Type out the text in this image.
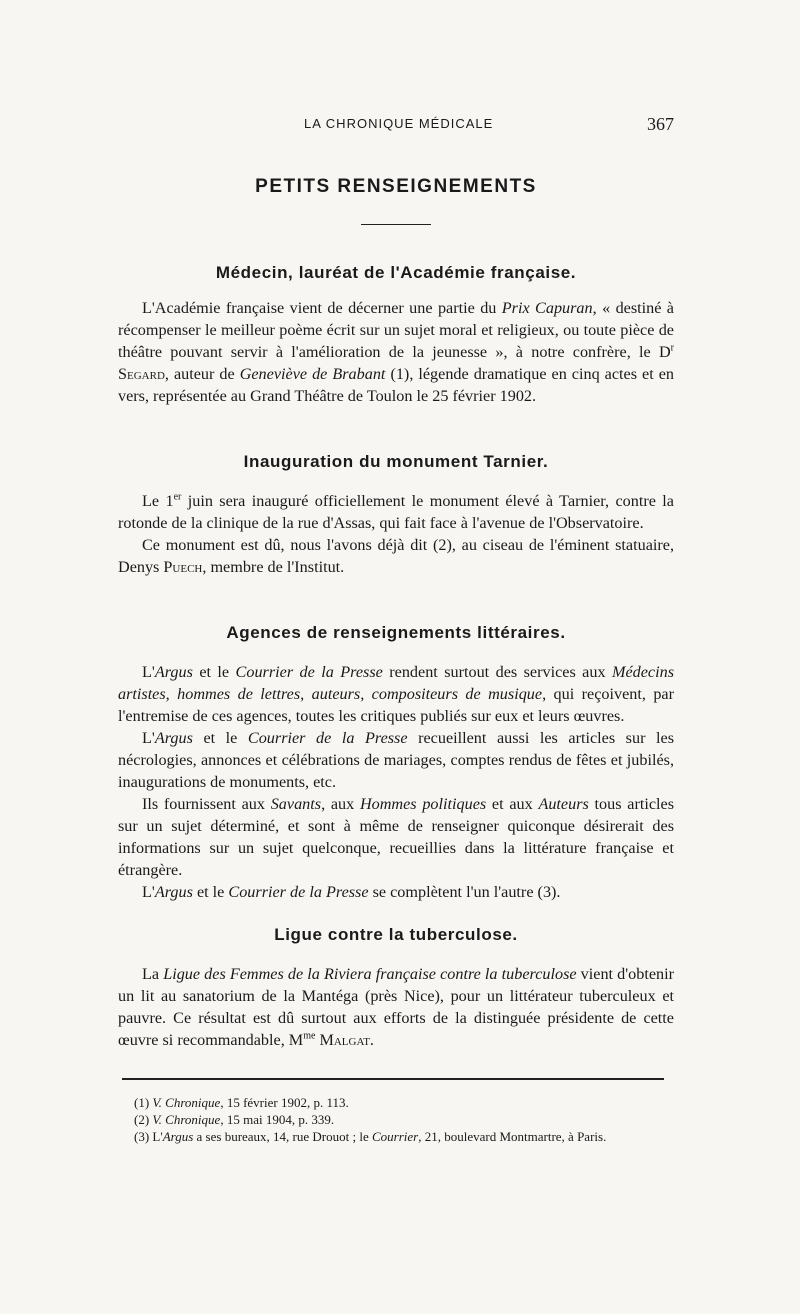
LA CHRONIQUE MÉDICALE	367
PETITS RENSEIGNEMENTS
Médecin, lauréat de l'Académie française.

L'Académie française vient de décerner une partie du Prix Capuran, « destiné à récompenser le meilleur poème écrit sur un sujet moral et religieux, ou toute pièce de théâtre pouvant servir à l'amélioration de la jeunesse », à notre confrère, le $D^r$ Segard, auteur de Geneviève de Brabant (1), légende dramatique en cinq actes et en vers, représentée au Grand Théâtre de Toulon le 25 février 1902.

Inauguration du monument Tarnier.

Le 1er juin sera inauguré officiellement le monument élevé à Tarnier, contre la rotonde de la clinique de la rue d'Assas, qui fait face à l'avenue de l'Observatoire.

Ce monument est dû, nous l'avons déjà dit (2), au ciseau de l'éminent statuaire, Denys Puech, membre de l'Institut.

Agences de renseignements littéraires.

L'Argus et le Courrier de la Presse rendent surtout des services aux Médecins artistes, hommes de lettres, auteurs, compositeurs de musique, qui reçoivent, par l'entremise de ces agences, toutes les critiques publiés sur eux et leurs œuvres.

L'Argus et le Courrier de la Presse recueillent aussi les articles sur les nécrologies, annonces et célébrations de mariages, comptes rendus de fêtes et jubilés, inaugurations de monuments, etc.

Ils fournissent aux Savants, aux Hommes politiques et aux Auteurs tous articles sur un sujet déterminé, et sont à même de renseigner quiconque désirerait des informations sur un sujet quelconque, recueillies dans la littérature française et étrangère.

L'Argus et le Courrier de la Presse se complètent l'un l'autre (3).

Ligue contre la tuberculose.

La Ligue des Femmes de la Riviera française contre la tuberculose vient d'obtenir un lit au sanatorium de la Mantéga (près Nice), pour un littérateur tuberculeux et pauvre. Ce résultat est dû surtout aux efforts de la distinguée présidente de cette œuvre si recommandable, $M^{me}$ Malgat.

(1) V. Chronique, 15 février 1902, p. 113.
(2) V. Chronique, 15 mai 1904, p. 339.
(3) L'Argus a ses bureaux, 14, rue Drouot ; le Courrier, 21, boulevard Montmartre, à Paris.
